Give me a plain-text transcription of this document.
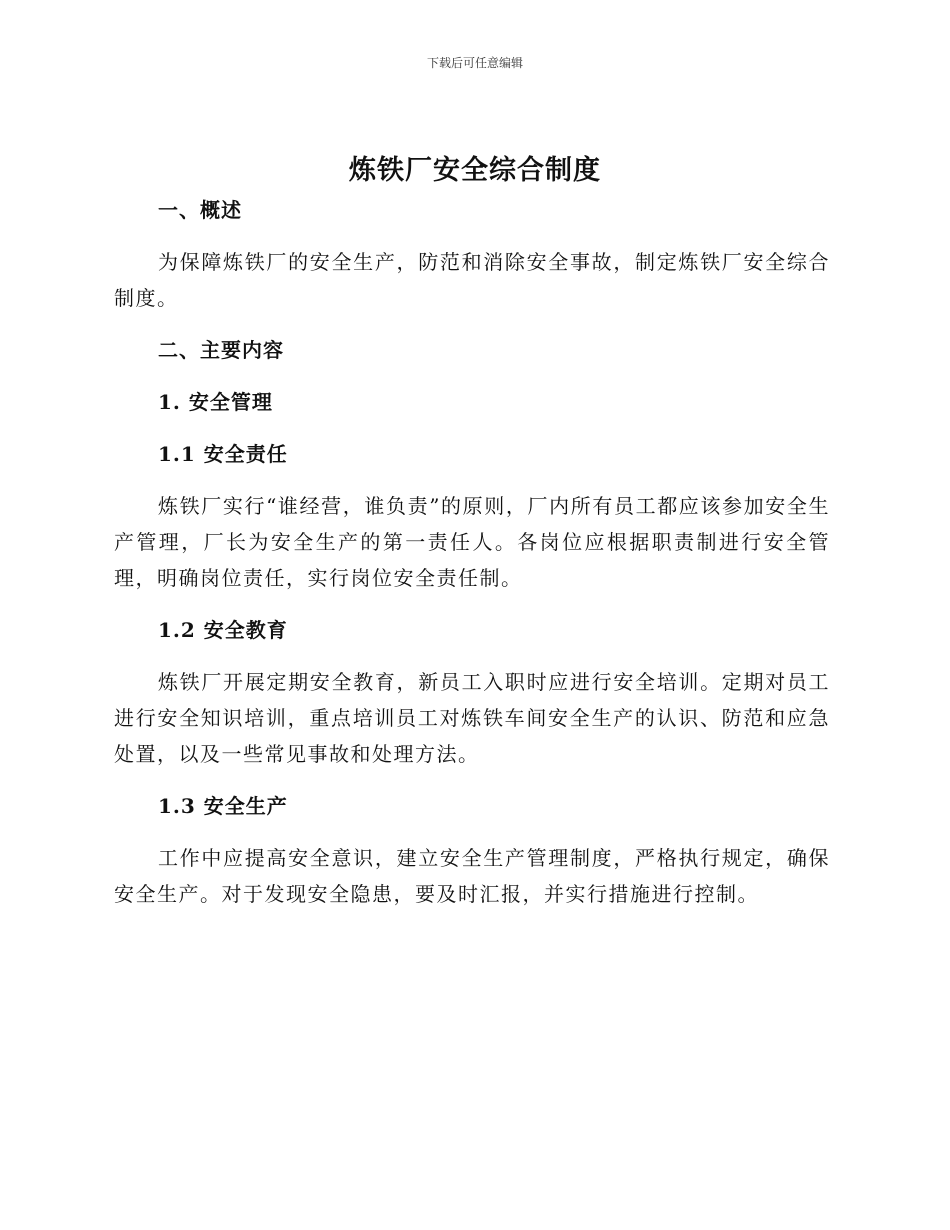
下载后可任意编辑
炼铁厂安全综合制度

一、概述

为保障炼铁厂的安全生产，防范和消除安全事故，制定炼铁厂安全综合制度。

二、主要内容

1. 安全管理

1.1 安全责任

炼铁厂实行“谁经营，谁负责”的原则，厂内所有员工都应该参加安全生产管理，厂长为安全生产的第一责任人。各岗位应根据职责制进行安全管理，明确岗位责任，实行岗位安全责任制。

1.2 安全教育

炼铁厂开展定期安全教育，新员工入职时应进行安全培训。定期对员工进行安全知识培训，重点培训员工对炼铁车间安全生产的认识、防范和应急处置，以及一些常见事故和处理方法。

1.3 安全生产

工作中应提高安全意识，建立安全生产管理制度，严格执行规定，确保安全生产。对于发现安全隐患，要及时汇报，并实行措施进行控制。
